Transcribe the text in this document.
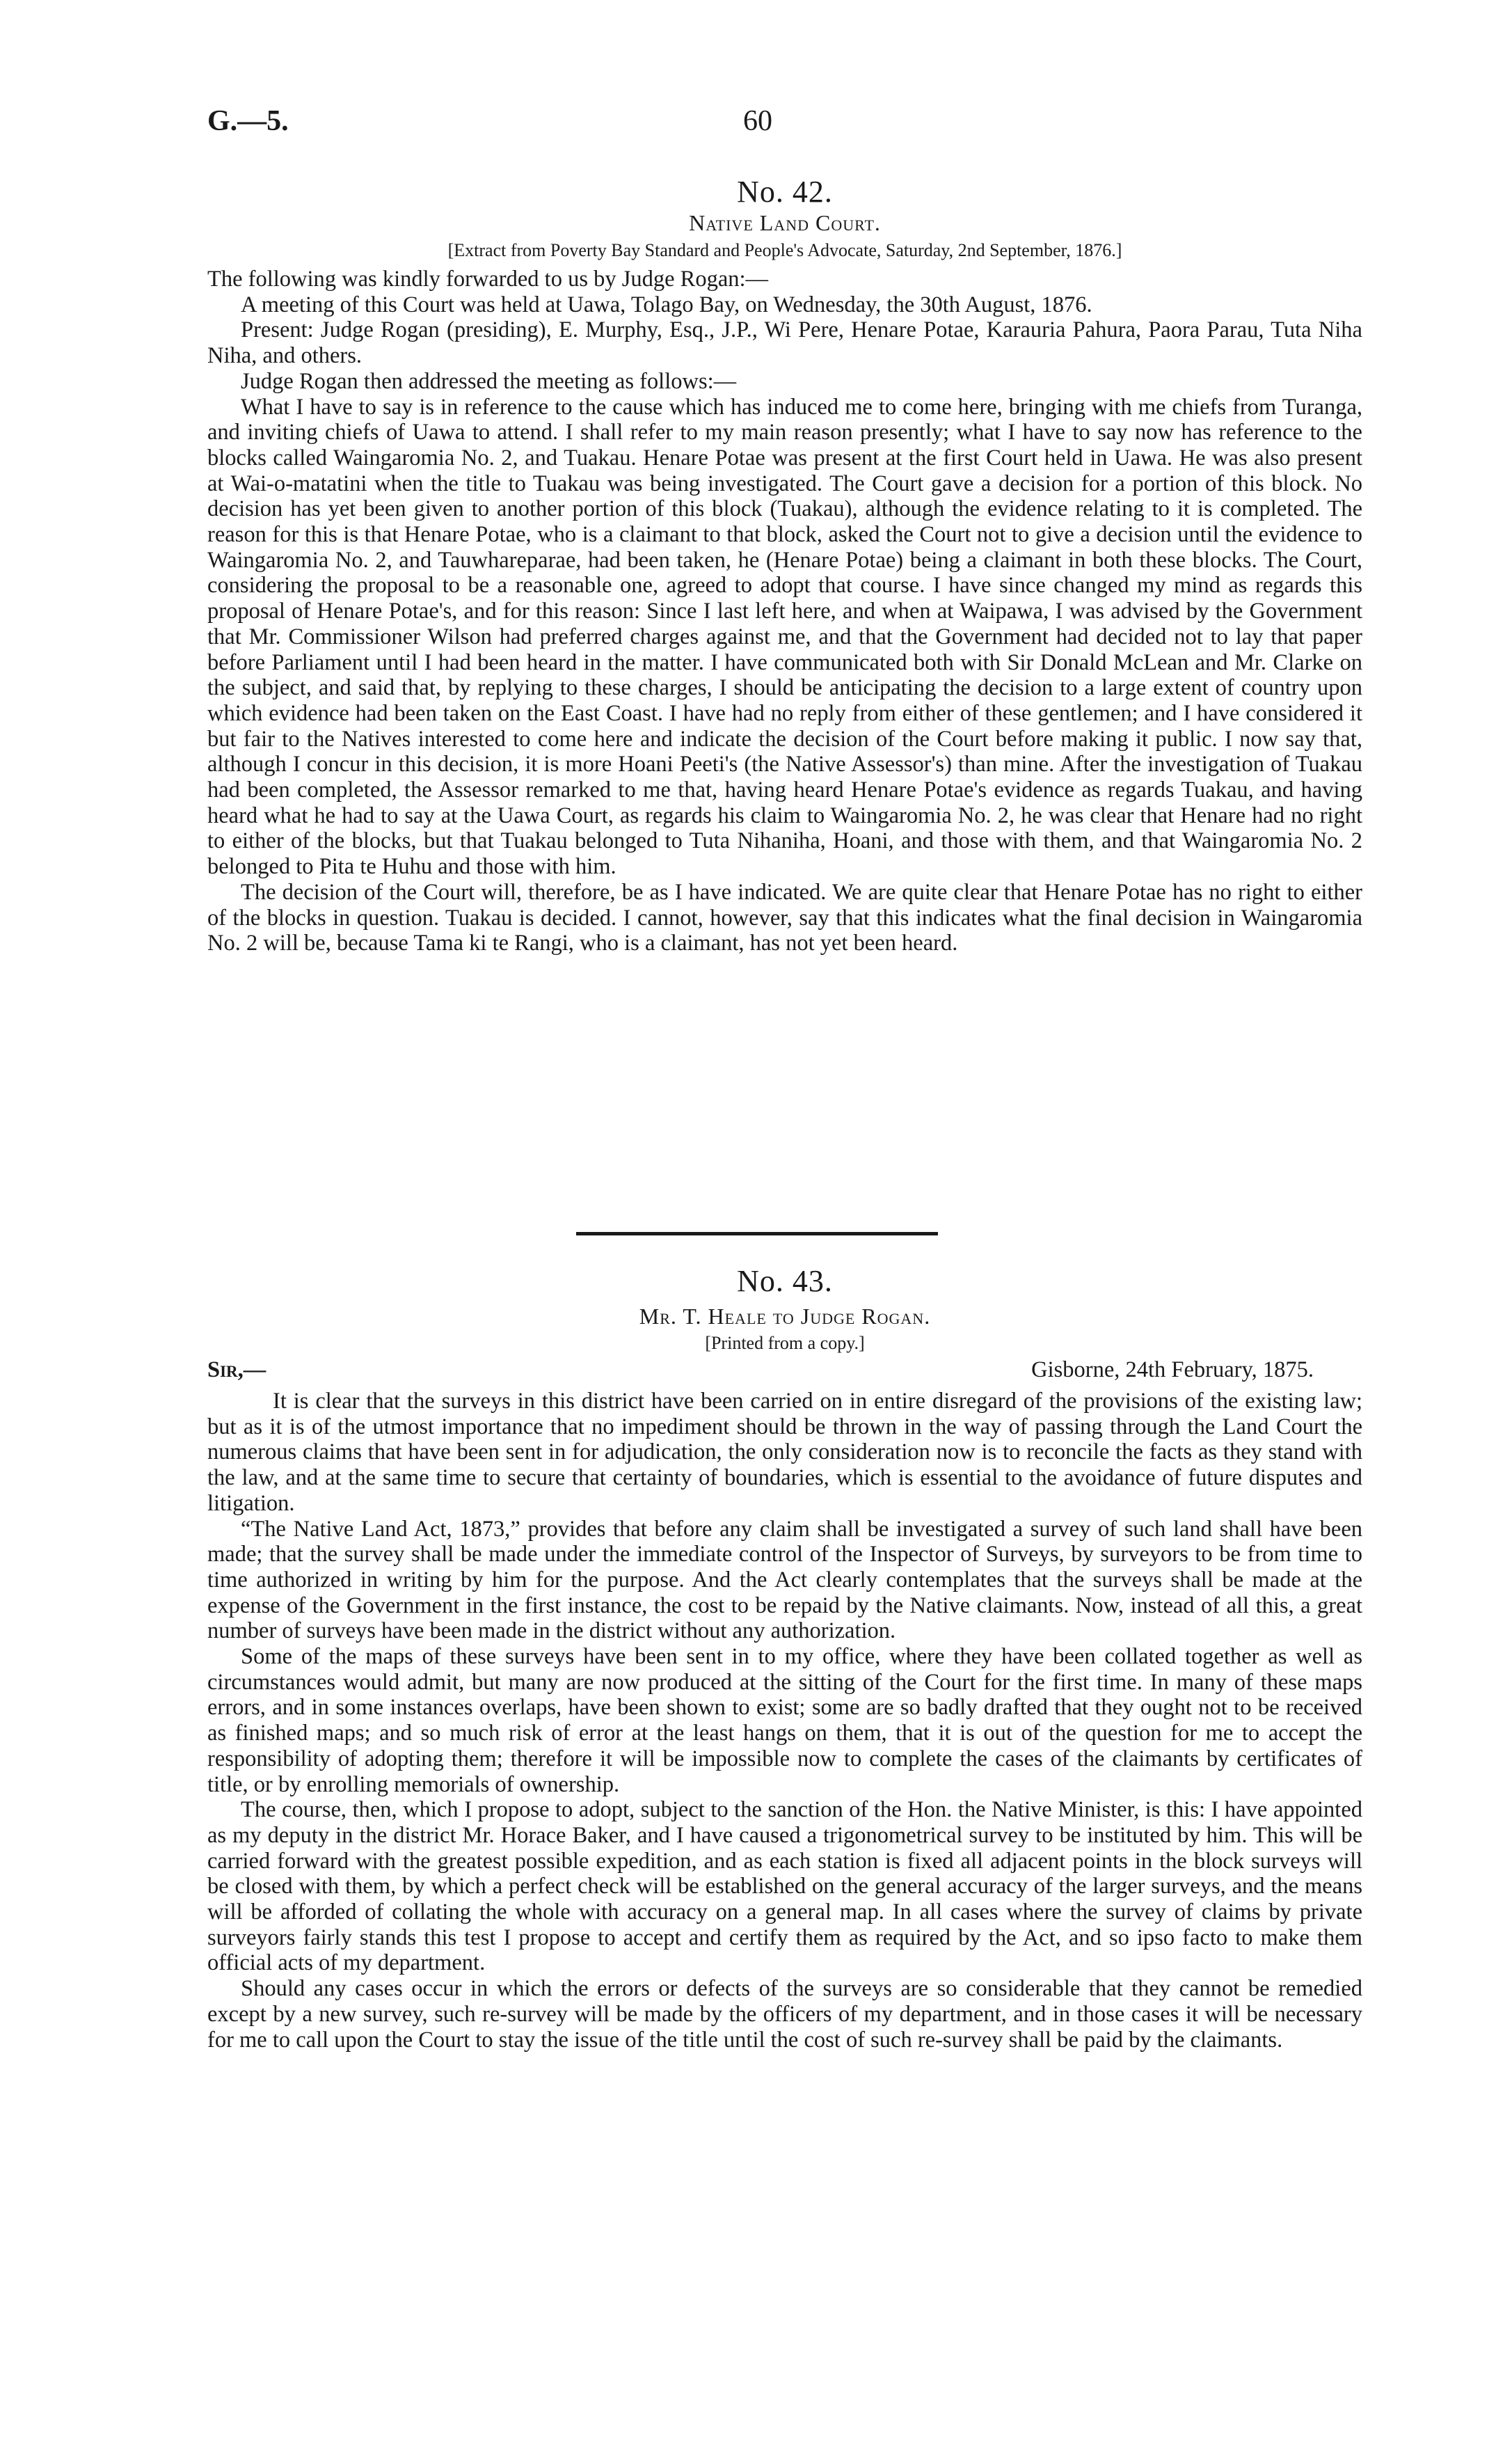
G.—5.	60
No. 42.
Native Land Court.
[Extract from Poverty Bay Standard and People's Advocate, Saturday, 2nd September, 1876.]

The following was kindly forwarded to us by Judge Rogan:—

A meeting of this Court was held at Uawa, Tolago Bay, on Wednesday, the 30th August, 1876.

Present: Judge Rogan (presiding), E. Murphy, Esq., J.P., Wi Pere, Henare Potae, Karauria Pahura, Paora Parau, Tuta Niha Niha, and others.

Judge Rogan then addressed the meeting as follows:—

What I have to say is in reference to the cause which has induced me to come here, bringing with me chiefs from Turanga, and inviting chiefs of Uawa to attend. I shall refer to my main reason presently; what I have to say now has reference to the blocks called Waingaromia No. 2, and Tuakau. Henare Potae was present at the first Court held in Uawa. He was also present at Wai-o-matatini when the title to Tuakau was being investigated. The Court gave a decision for a portion of this block. No decision has yet been given to another portion of this block (Tuakau), although the evidence relating to it is completed. The reason for this is that Henare Potae, who is a claimant to that block, asked the Court not to give a decision until the evidence to Waingaromia No. 2, and Tauwhareparae, had been taken, he (Henare Potae) being a claimant in both these blocks. The Court, considering the proposal to be a reasonable one, agreed to adopt that course. I have since changed my mind as regards this proposal of Henare Potae's, and for this reason: Since I last left here, and when at Waipawa, I was advised by the Government that Mr. Commissioner Wilson had preferred charges against me, and that the Government had decided not to lay that paper before Parliament until I had been heard in the matter. I have communicated both with Sir Donald McLean and Mr. Clarke on the subject, and said that, by replying to these charges, I should be anticipating the decision to a large extent of country upon which evidence had been taken on the East Coast. I have had no reply from either of these gentlemen; and I have considered it but fair to the Natives interested to come here and indicate the decision of the Court before making it public. I now say that, although I concur in this decision, it is more Hoani Peeti's (the Native Assessor's) than mine. After the investigation of Tuakau had been completed, the Assessor remarked to me that, having heard Henare Potae's evidence as regards Tuakau, and having heard what he had to say at the Uawa Court, as regards his claim to Waingaromia No. 2, he was clear that Henare had no right to either of the blocks, but that Tuakau belonged to Tuta Nihaniha, Hoani, and those with them, and that Waingaromia No. 2 belonged to Pita te Huhu and those with him.

The decision of the Court will, therefore, be as I have indicated. We are quite clear that Henare Potae has no right to either of the blocks in question. Tuakau is decided. I cannot, however, say that this indicates what the final decision in Waingaromia No. 2 will be, because Tama ki te Rangi, who is a claimant, has not yet been heard.

No. 43.
Mr. T. Heale to Judge Rogan.
[Printed from a copy.]
Sir,—	Gisborne, 24th February, 1875.

It is clear that the surveys in this district have been carried on in entire disregard of the provisions of the existing law; but as it is of the utmost importance that no impediment should be thrown in the way of passing through the Land Court the numerous claims that have been sent in for adjudication, the only consideration now is to reconcile the facts as they stand with the law, and at the same time to secure that certainty of boundaries, which is essential to the avoidance of future disputes and litigation.

“The Native Land Act, 1873,” provides that before any claim shall be investigated a survey of such land shall have been made; that the survey shall be made under the immediate control of the Inspector of Surveys, by surveyors to be from time to time authorized in writing by him for the purpose. And the Act clearly contemplates that the surveys shall be made at the expense of the Government in the first instance, the cost to be repaid by the Native claimants. Now, instead of all this, a great number of surveys have been made in the district without any authorization.

Some of the maps of these surveys have been sent in to my office, where they have been collated together as well as circumstances would admit, but many are now produced at the sitting of the Court for the first time. In many of these maps errors, and in some instances overlaps, have been shown to exist; some are so badly drafted that they ought not to be received as finished maps; and so much risk of error at the least hangs on them, that it is out of the question for me to accept the responsibility of adopting them; therefore it will be impossible now to complete the cases of the claimants by certificates of title, or by enrolling memorials of ownership.

The course, then, which I propose to adopt, subject to the sanction of the Hon. the Native Minister, is this: I have appointed as my deputy in the district Mr. Horace Baker, and I have caused a trigonometrical survey to be instituted by him. This will be carried forward with the greatest possible expedition, and as each station is fixed all adjacent points in the block surveys will be closed with them, by which a perfect check will be established on the general accuracy of the larger surveys, and the means will be afforded of collating the whole with accuracy on a general map. In all cases where the survey of claims by private surveyors fairly stands this test I propose to accept and certify them as required by the Act, and so ipso facto to make them official acts of my department.

Should any cases occur in which the errors or defects of the surveys are so considerable that they cannot be remedied except by a new survey, such re-survey will be made by the officers of my department, and in those cases it will be necessary for me to call upon the Court to stay the issue of the title until the cost of such re-survey shall be paid by the claimants.
